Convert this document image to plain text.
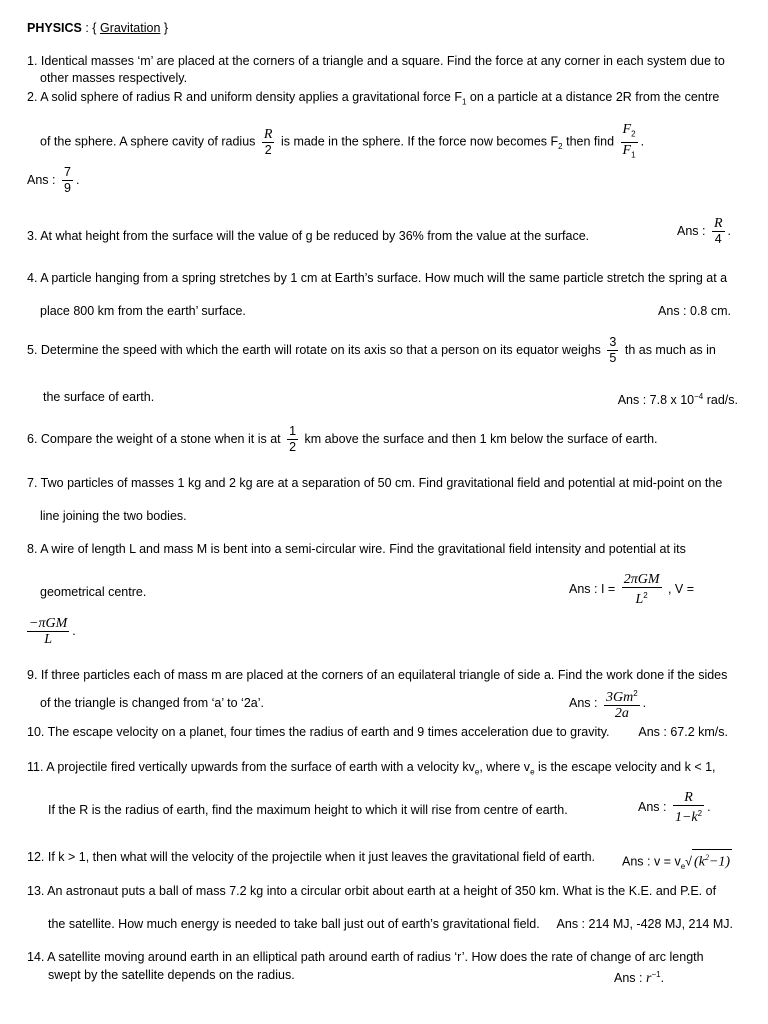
PHYSICS : { Gravitation }
1. Identical masses ‘m’ are placed at the corners of a triangle and a square. Find the force at any corner in each system due to
other masses respectively.
2. A solid sphere of radius R and uniform density applies a gravitational force $F_1$ on a particle at a distance 2R from the centre
of the sphere. A sphere cavity of radius $\frac{R}{2}$ is made in the sphere. If the force now becomes $F_2$ then find $\frac{F_2}{F_1}$ .
Ans : $\frac{7}{9}$ .
3. At what height from the surface will the value of g be reduced by 36% from the value at the surface.	Ans : $\frac{R}{4}$ .
4. A particle hanging from a spring stretches by 1 cm at Earth’s surface. How much will the same particle stretch the spring at a
place 800 km from the earth’ surface.	Ans : 0.8 cm.
5. Determine the speed with which the earth will rotate on its axis so that a person on its equator weighs $\frac{3}{5}$ th as much as in
the surface of earth.	Ans : 7.8 x $10^{-4}$ rad/s.
6. Compare the weight of a stone when it is at $\frac{1}{2}$ km above the surface and then 1 km below the surface of earth.
7. Two particles of masses 1 kg and 2 kg are at a separation of 50 cm. Find gravitational field and potential at mid-point on the
line joining the two bodies.
8. A wire of length L and mass M is bent into a semi-circular wire. Find the gravitational field intensity and potential at its
geometrical centre.	Ans : $I = \frac{\text{2πGM}}{L^2}$ , V =
$\frac{\text{−πGM}}{L}$ .
9. If three particles each of mass m are placed at the corners of an equilateral triangle of side a. Find the work done if the sides
of the triangle is changed from ‘a’ to ‘2a’.	Ans : $\frac{3Gm^2}{2a}$ .
10. The escape velocity on a planet, four times the radius of earth and 9 times acceleration due to gravity. Ans : 67.2 km/s.
11. A projectile fired vertically upwards from the surface of earth with a velocity $kv_e$, where $v_e$ is the escape velocity and k < 1,
If the R is the radius of earth, find the maximum height to which it will rise from centre of earth.	Ans : $\frac{R}{1-k^2}$ .
12. If k > 1, then what will the velocity of the projectile when it just leaves the gravitational field of earth. Ans : $v = v_e√$ $(k^2-1)$
13. An astronaut puts a ball of mass 7.2 kg into a circular orbit about earth at a height of 350 km. What is the K.E. and P.E. of
the satellite. How much energy is needed to take ball just out of earth’s gravitational field. Ans : 214 MJ, -428 MJ, 214 MJ.
14. A satellite moving around earth in an elliptical path around earth of radius ‘r’. How does the rate of change of arc length
swept by the satellite depends on the radius.	Ans : $r^{-1}$.
